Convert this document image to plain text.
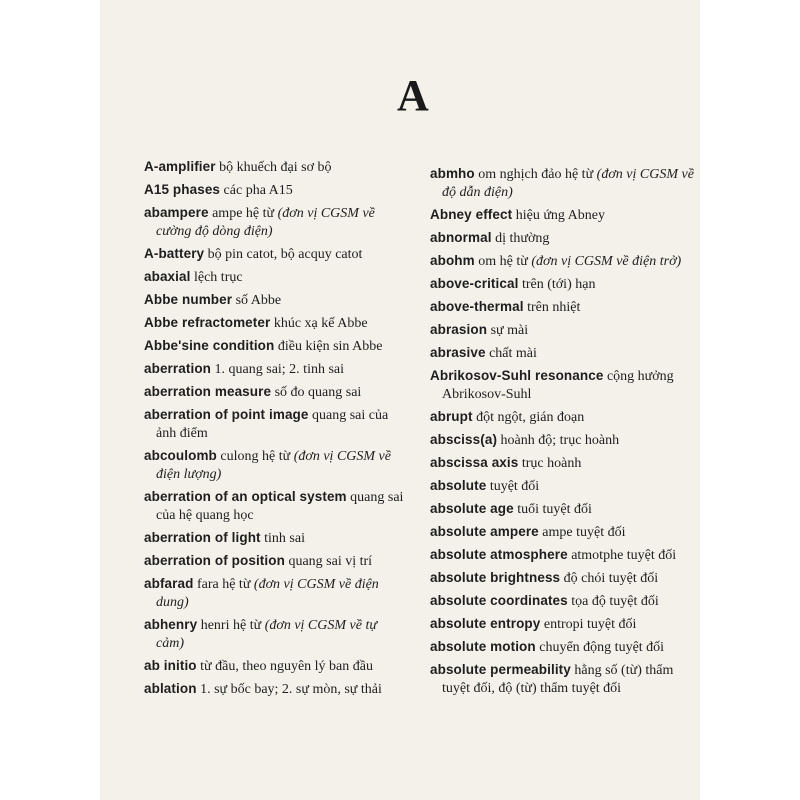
A
A-amplifier bộ khuếch đại sơ bộ
A15 phases các pha A15
abampere ampe hệ từ (đơn vị CGSM về cường độ dòng điện)
A-battery bộ pin catot, bộ acquy catot
abaxial lệch trục
Abbe number số Abbe
Abbe refractometer khúc xạ kế Abbe
Abbe'sine condition điều kiện sin Abbe
aberration 1. quang sai; 2. tinh sai
aberration measure số đo quang sai
aberration of point image quang sai của ảnh điểm
abcoulomb culong hệ từ (đơn vị CGSM về điện lượng)
aberration of an optical system quang sai của hệ quang học
aberration of light tinh sai
aberration of position quang sai vị trí
abfarad fara hệ từ (đơn vị CGSM về điện dung)
abhenry henri hệ từ (đơn vị CGSM về tự cảm)
ab initio từ đầu, theo nguyên lý ban đầu
ablation 1. sự bốc bay; 2. sự mòn, sự thải
abmho om nghịch đảo hệ từ (đơn vị CGSM về độ dẫn điện)
Abney effect hiệu ứng Abney
abnormal dị thường
abohm om hệ từ (đơn vị CGSM về điện trở)
above-critical trên (tới) hạn
above-thermal trên nhiệt
abrasion sự mài
abrasive chất mài
Abrikosov-Suhl resonance cộng hưởng Abrikosov-Suhl
abrupt đột ngột, gián đoạn
absciss(a) hoành độ; trục hoành
abscissa axis trục hoành
absolute tuyệt đối
absolute age tuổi tuyệt đối
absolute ampere ampe tuyệt đối
absolute atmosphere atmotphe tuyệt đối
absolute brightness độ chói tuyệt đối
absolute coordinates tọa độ tuyệt đối
absolute entropy entropi tuyệt đối
absolute motion chuyển động tuyệt đối
absolute permeability hằng số (từ) thẩm tuyệt đối, độ (từ) thẩm tuyệt đối
